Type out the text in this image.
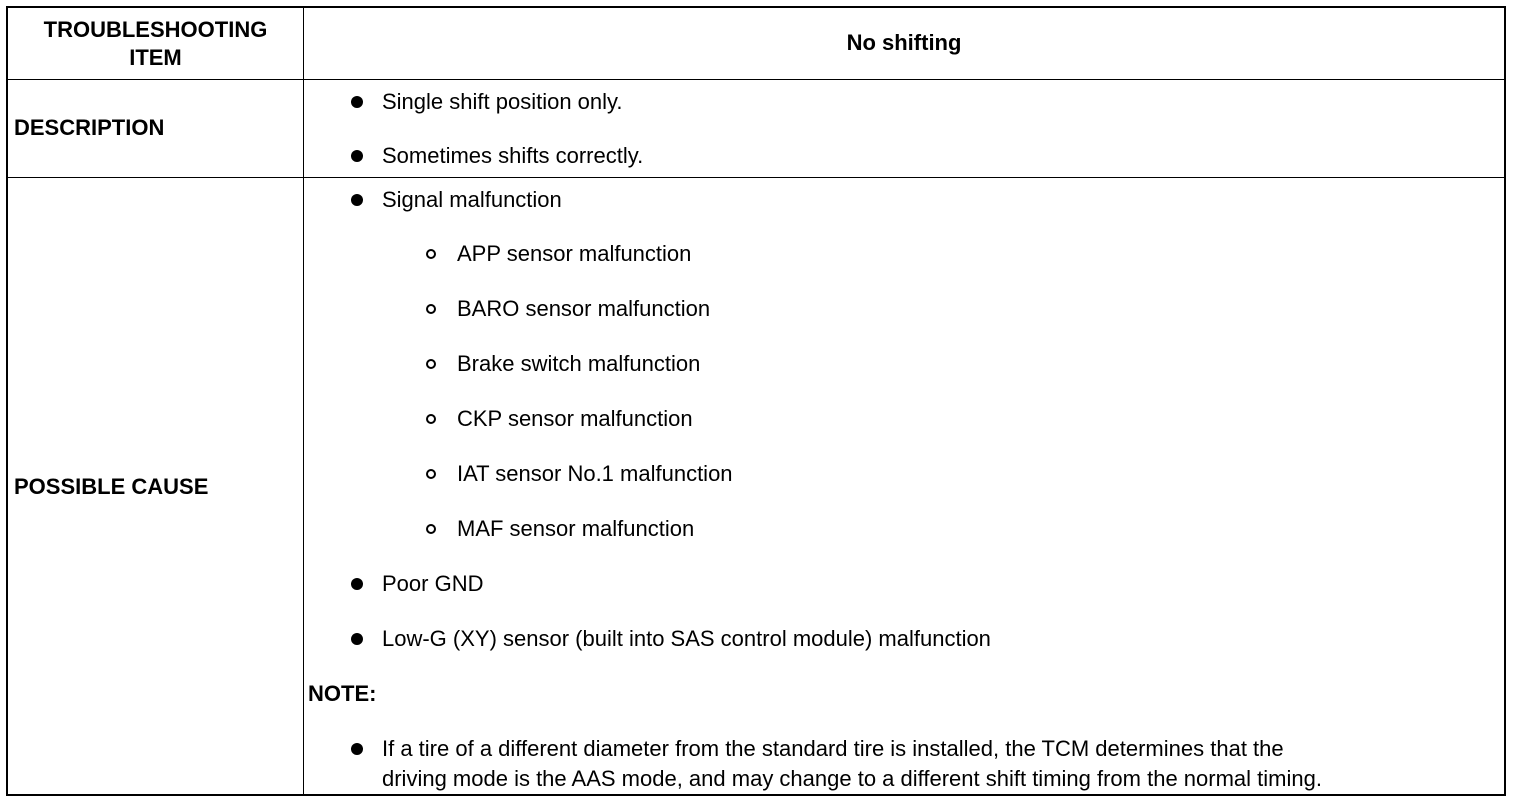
TROUBLESHOOTING
ITEM
No shifting
DESCRIPTION
Single shift position only.
Sometimes shifts correctly.
POSSIBLE CAUSE
Signal malfunction
APP sensor malfunction
BARO sensor malfunction
Brake switch malfunction
CKP sensor malfunction
IAT sensor No.1 malfunction
MAF sensor malfunction
Poor GND
Low-G (XY) sensor (built into SAS control module) malfunction
NOTE:
If a tire of a different diameter from the standard tire is installed, the TCM determines that the
driving mode is the AAS mode, and may change to a different shift timing from the normal timing.
